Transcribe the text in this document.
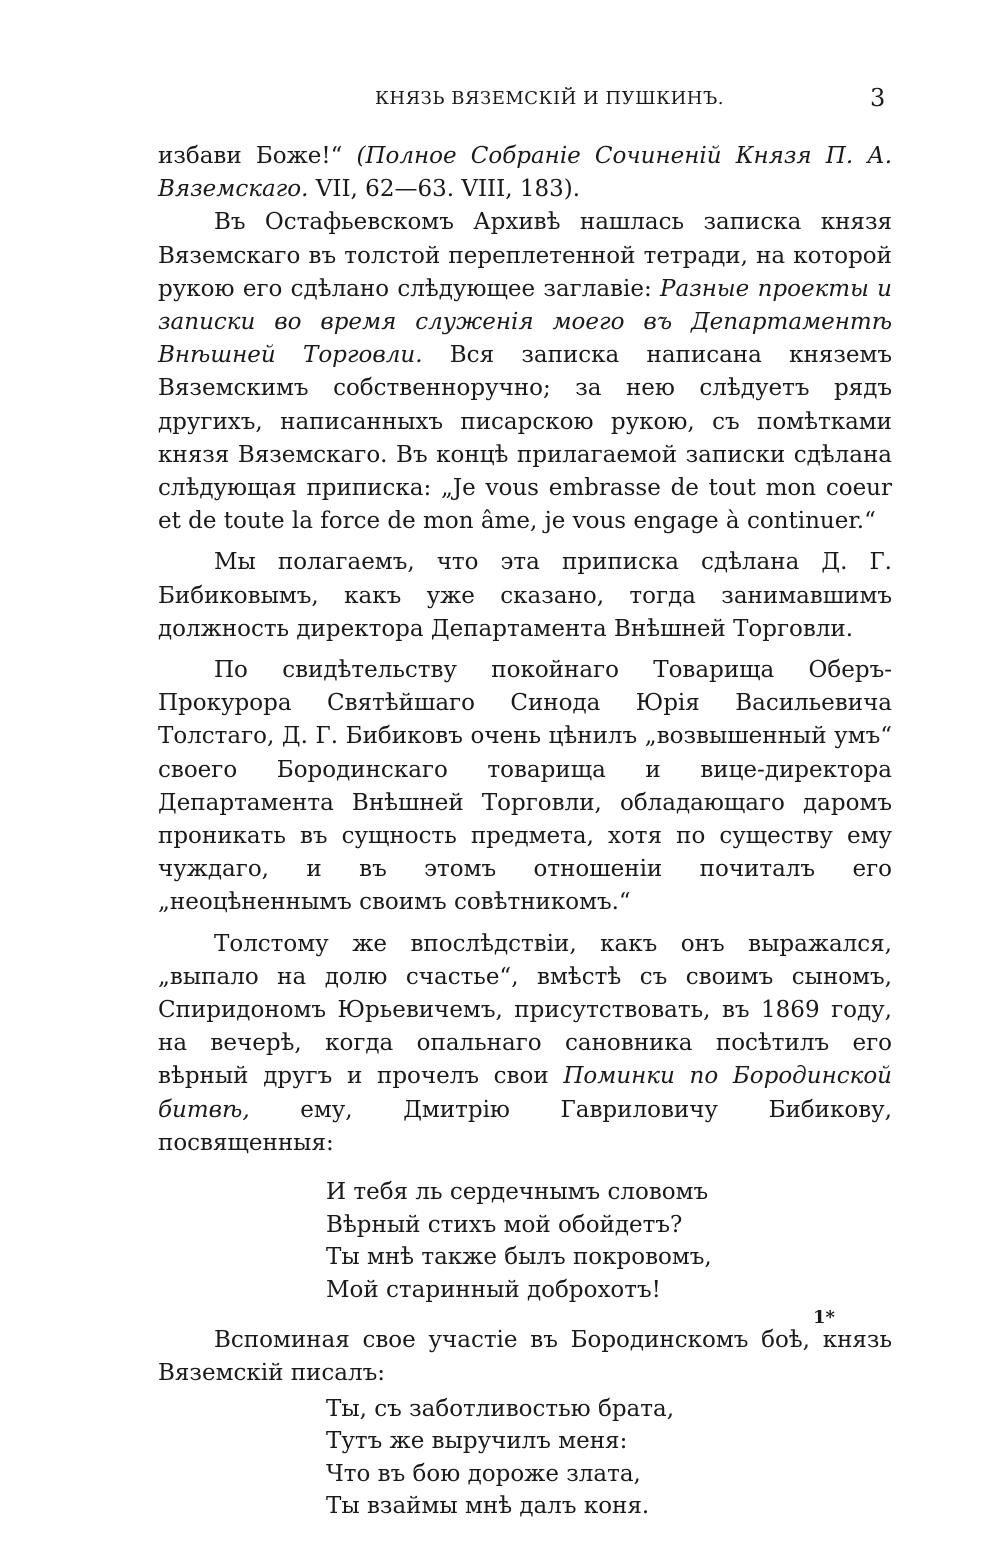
КНЯЗЬ ВЯЗЕМСКІЙ И ПУШКИНЪ.	3

избави Боже!“ (Полное Собраніе Сочиненій Князя П. А. Вяземскаго. VII, 62—63. VIII, 183).

Въ Остафьевскомъ Архивѣ нашлась записка князя Вяземскаго въ толстой переплетенной тетради, на которой рукою его сдѣлано слѣдующее заглавіе: Разные проекты и записки во время служенія моего въ Департаментѣ Внѣшней Торговли. Вся записка написана княземъ Вяземскимъ собственноручно; за нею слѣдуетъ рядъ другихъ, написанныхъ писарскою рукою, съ помѣтками князя Вяземскаго. Въ концѣ прилагаемой записки сдѣлана слѣдующая приписка: „Je vous embrasse de tout mon coeur et de toute la force de mon âme, je vous engage à continuer.“

Мы полагаемъ, что эта приписка сдѣлана Д. Г. Бибиковымъ, какъ уже сказано, тогда занимавшимъ должность директора Департамента Внѣшней Торговли.

По свидѣтельству покойнаго Товарища Оберъ-Прокурора Святѣйшаго Синода Юрія Васильевича Толстаго, Д. Г. Бибиковъ очень цѣнилъ „возвышенный умъ“ своего Бородинскаго товарища и вице-директора Департамента Внѣшней Торговли, обладающаго даромъ проникать въ сущность предмета, хотя по существу ему чуждаго, и въ этомъ отношеніи почиталъ его „неоцѣненнымъ своимъ совѣтникомъ.“

Толстому же впослѣдствіи, какъ онъ выражался, „выпало на долю счастье“, вмѣстѣ съ своимъ сыномъ, Спиридономъ Юрьевичемъ, присутствовать, въ 1869 году, на вечерѣ, когда опальнаго сановника посѣтилъ его вѣрный другъ и прочелъ свои Поминки по Бородинской битвѣ, ему, Дмитрію Гавриловичу Бибикову, посвященныя:

И тебя ль сердечнымъ словомъ
Вѣрный стихъ мой обойдетъ?
Ты мнѣ также былъ покровомъ,
Мой старинный доброхотъ!

Вспоминая свое участіе въ Бородинскомъ боѣ, князь Вяземскій писалъ:

Ты, съ заботливостью брата,
Тутъ же выручилъ меня:
Что въ бою дороже злата,
Ты взаймы мнѣ далъ коня.
1*
